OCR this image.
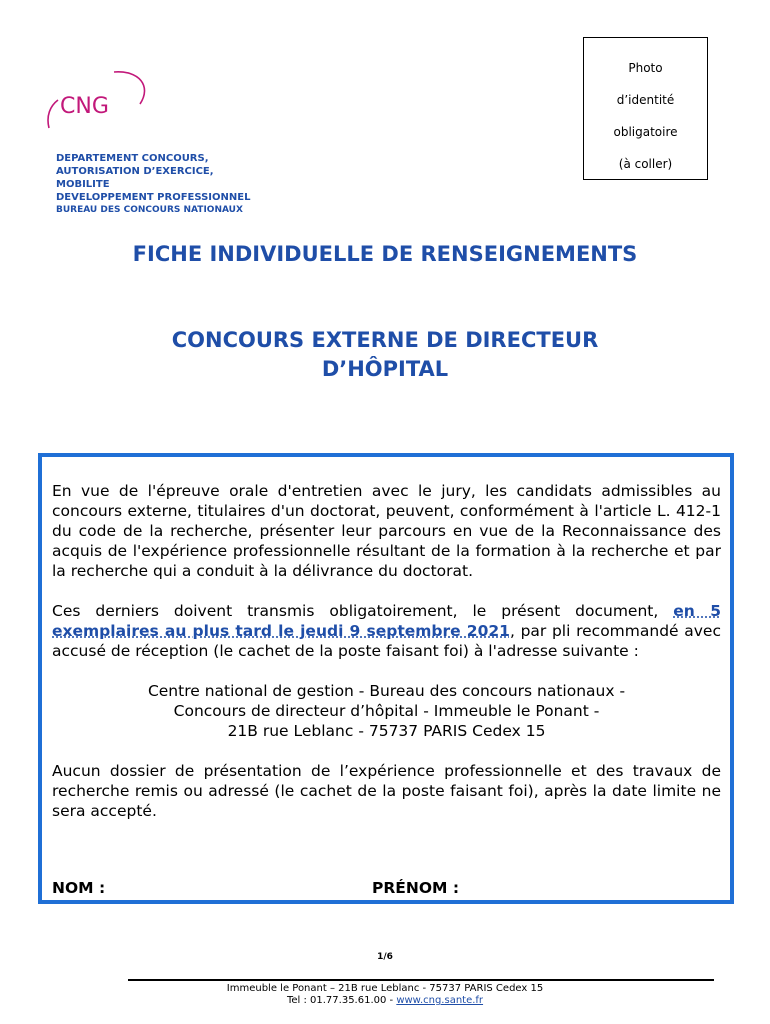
CNG
DEPARTEMENT CONCOURS,
AUTORISATION D’EXERCICE,
MOBILITE
DEVELOPPEMENT PROFESSIONNEL
BUREAU DES CONCOURS NATIONAUX
Photo
d’identité
obligatoire
(à coller)
FICHE INDIVIDUELLE DE RENSEIGNEMENTS
CONCOURS EXTERNE DE DIRECTEUR
D’HÔPITAL

En vue de l'épreuve orale d'entretien avec le jury, les candidats admissibles au concours externe, titulaires d'un doctorat, peuvent, conformément à l'article L. 412-1 du code de la recherche, présenter leur parcours en vue de la Reconnaissance des acquis de l'expérience professionnelle résultant de la formation à la recherche et par la recherche qui a conduit à la délivrance du doctorat.

Ces derniers doivent transmis obligatoirement, le présent document, en 5 exemplaires au plus tard le jeudi 9 septembre 2021, par pli recommandé avec accusé de réception (le cachet de la poste faisant foi) à l'adresse suivante :

Centre national de gestion - Bureau des concours nationaux -
Concours de directeur d’hôpital - Immeuble le Ponant -
21B rue Leblanc - 75737 PARIS Cedex 15

Aucun dossier de présentation de l’expérience professionnelle et des travaux de recherche remis ou adressé (le cachet de la poste faisant foi), après la date limite ne sera accepté.

NOM :	PRÉNOM :
1/6
Immeuble le Ponant – 21B rue Leblanc - 75737 PARIS Cedex 15
Tel : 01.77.35.61.00 - www.cng.sante.fr
